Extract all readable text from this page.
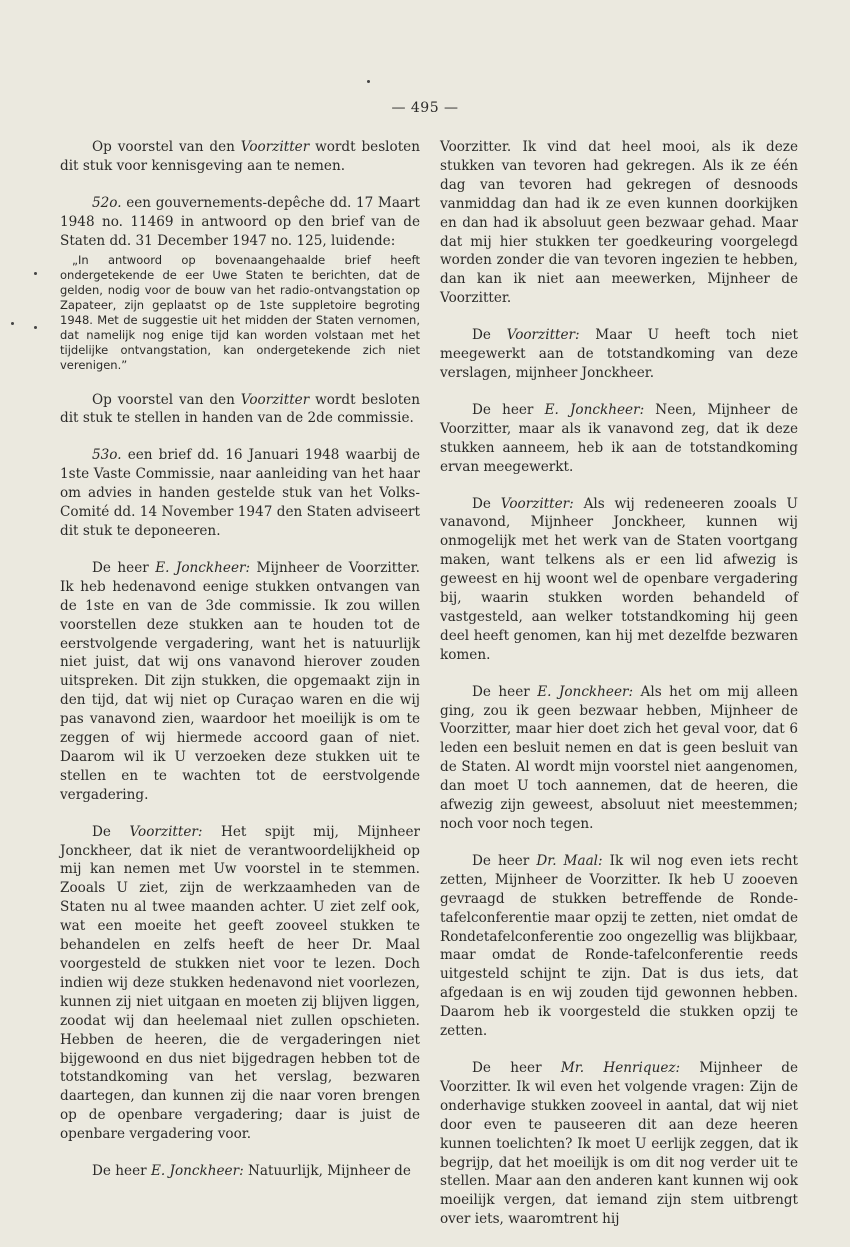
— 495 —

Op voorstel van den Voorzitter wordt besloten dit stuk voor kennisgeving aan te nemen.

52o. een gouvernements-depêche dd. 17 Maart 1948 no. 11469 in antwoord op den brief van de Staten dd. 31 December 1947 no. 125, luidende:

„In antwoord op bovenaangehaalde brief heeft ondergetekende de eer Uwe Staten te berichten, dat de gelden, nodig voor de bouw van het radio-ontvangstation op Zapateer, zijn geplaatst op de 1ste suppletoire begroting 1948. Met de suggestie uit het midden der Staten vernomen, dat namelijk nog enige tijd kan worden volstaan met het tijdelijke ontvangstation, kan ondergetekende zich niet verenigen.”

Op voorstel van den Voorzitter wordt besloten dit stuk te stellen in handen van de 2de commissie.

53o. een brief dd. 16 Januari 1948 waarbij de 1ste Vaste Commissie, naar aanleiding van het haar om advies in handen gestelde stuk van het Volks-Comité dd. 14 November 1947 den Staten adviseert dit stuk te deponeeren.

De heer E. Jonckheer: Mijnheer de Voorzitter. Ik heb hedenavond eenige stukken ontvangen van de 1ste en van de 3de commissie. Ik zou willen voorstellen deze stukken aan te houden tot de eerstvolgende vergadering, want het is natuurlijk niet juist, dat wij ons vanavond hierover zouden uitspreken. Dit zijn stukken, die opgemaakt zijn in den tijd, dat wij niet op Curaçao waren en die wij pas vanavond zien, waardoor het moeilijk is om te zeggen of wij hiermede accoord gaan of niet. Daarom wil ik U verzoeken deze stukken uit te stellen en te wachten tot de eerstvolgende vergadering.

De Voorzitter: Het spijt mij, Mijnheer Jonckheer, dat ik niet de verantwoordelijkheid op mij kan nemen met Uw voorstel in te stemmen. Zooals U ziet, zijn de werkzaamheden van de Staten nu al twee maanden achter. U ziet zelf ook, wat een moeite het geeft zooveel stukken te behandelen en zelfs heeft de heer Dr. Maal voorgesteld de stukken niet voor te lezen. Doch indien wij deze stukken hedenavond niet voorlezen, kunnen zij niet uitgaan en moeten zij blijven liggen, zoodat wij dan heelemaal niet zullen opschieten. Hebben de heeren, die de vergaderingen niet bijgewoond en dus niet bijgedragen hebben tot de totstandkoming van het verslag, bezwaren daartegen, dan kunnen zij die naar voren brengen op de openbare vergadering; daar is juist de openbare vergadering voor.

De heer E. Jonckheer: Natuurlijk, Mijnheer de

Voorzitter. Ik vind dat heel mooi, als ik deze stukken van tevoren had gekregen. Als ik ze één dag van tevoren had gekregen of desnoods vanmiddag dan had ik ze even kunnen doorkijken en dan had ik absoluut geen bezwaar gehad. Maar dat mij hier stukken ter goedkeuring voorgelegd worden zonder die van tevoren ingezien te hebben, dan kan ik niet aan meewerken, Mijnheer de Voorzitter.

De Voorzitter: Maar U heeft toch niet meegewerkt aan de totstandkoming van deze verslagen, mijnheer Jonckheer.

De heer E. Jonckheer: Neen, Mijnheer de Voorzitter, maar als ik vanavond zeg, dat ik deze stukken aanneem, heb ik aan de totstandkoming ervan meegewerkt.

De Voorzitter: Als wij redeneeren zooals U vanavond, Mijnheer Jonckheer, kunnen wij onmogelijk met het werk van de Staten voortgang maken, want telkens als er een lid afwezig is geweest en hij woont wel de openbare vergadering bij, waarin stukken worden behandeld of vastgesteld, aan welker totstandkoming hij geen deel heeft genomen, kan hij met dezelfde bezwaren komen.

De heer E. Jonckheer: Als het om mij alleen ging, zou ik geen bezwaar hebben, Mijnheer de Voorzitter, maar hier doet zich het geval voor, dat 6 leden een besluit nemen en dat is geen besluit van de Staten. Al wordt mijn voorstel niet aangenomen, dan moet U toch aannemen, dat de heeren, die afwezig zijn geweest, absoluut niet meestemmen; noch voor noch tegen.

De heer Dr. Maal: Ik wil nog even iets recht zetten, Mijnheer de Voorzitter. Ik heb U zooeven gevraagd de stukken betreffende de Ronde-tafelconferentie maar opzij te zetten, niet omdat de Rondetafelconferentie zoo ongezellig was blijkbaar, maar omdat de Ronde-tafelconferentie reeds uitgesteld schijnt te zijn. Dat is dus iets, dat afgedaan is en wij zouden tijd gewonnen hebben. Daarom heb ik voorgesteld die stukken opzij te zetten.

De heer Mr. Henriquez: Mijnheer de Voorzitter. Ik wil even het volgende vragen: Zijn de onderhavige stukken zooveel in aantal, dat wij niet door even te pauseeren dit aan deze heeren kunnen toelichten? Ik moet U eerlijk zeggen, dat ik begrijp, dat het moeilijk is om dit nog verder uit te stellen. Maar aan den anderen kant kunnen wij ook moeilijk vergen, dat iemand zijn stem uitbrengt over iets, waaromtrent hij
